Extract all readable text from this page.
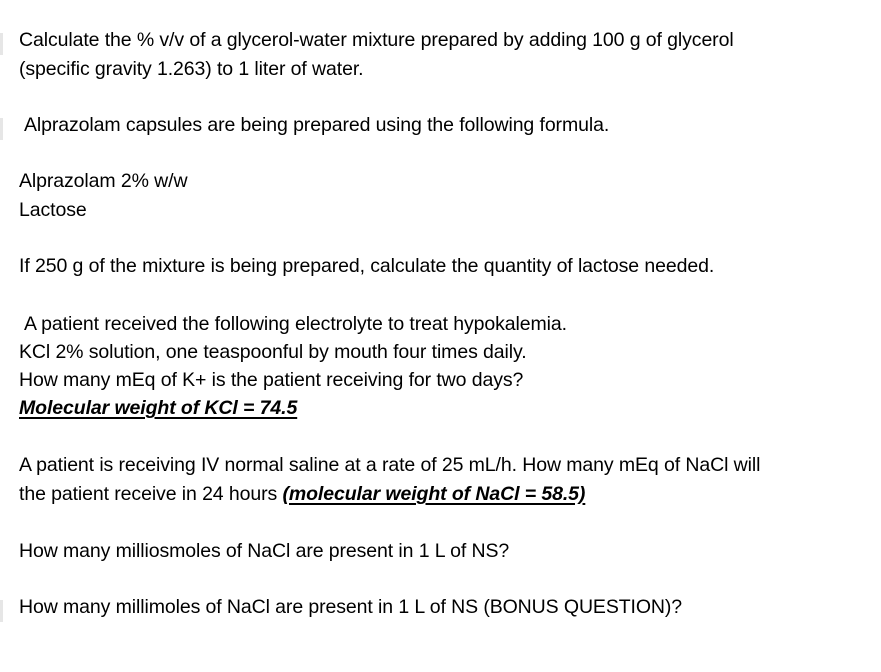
Calculate the % v/v of a glycerol-water mixture prepared by adding 100 g of glycerol
(specific gravity 1.263) to 1 liter of water.
Alprazolam capsules are being prepared using the following formula.
Alprazolam 2% w/w
Lactose
If 250 g of the mixture is being prepared, calculate the quantity of lactose needed.
A patient received the following electrolyte to treat hypokalemia.
KCl 2% solution, one teaspoonful by mouth four times daily.
How many mEq of K+ is the patient receiving for two days?
Molecular weight of KCl = 74.5
A patient is receiving IV normal saline at a rate of 25 mL/h. How many mEq of NaCl will
the patient receive in 24 hours (molecular weight of NaCl = 58.5)
How many milliosmoles of NaCl are present in 1 L of NS?
How many millimoles of NaCl are present in 1 L of NS (BONUS QUESTION)?
